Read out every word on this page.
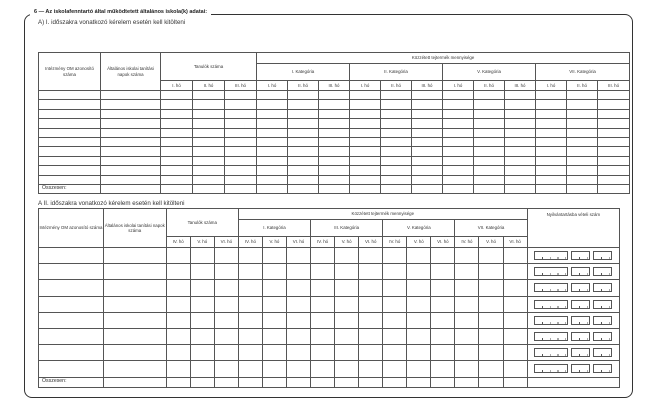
6 — Az iskolafenntartó által működtetett általános iskola(k) adatai:
A) I. időszakra vonatkozó kérelem esetén kell kitölteni
A II. időszakra vonatkozó kérelem esetén kell kitölteni
Intézmény OM azonosító száma	Általános iskolai tanítási napok száma	Tanulók száma			Közzétett tejtermék mennyisége											
					I. Kategória			II. Kategória			V. Kategória			VII. Kategória		
		I. hó	II. hó	III. hó	I. hó	II. hó	III. hó	I. hó	II. hó	III. hó	I. hó	II. hó	III. hó	I. hó	II. hó	III. hó

Összesen:																
Intézmény OM azonosító száma	Általános iskolai tanítási napok száma	Tanulók száma			Közzétett tejtermék mennyisége												Nyilvántartásba vételi szám
					I. Kategória			III. Kategória			V. Kategória			VII. Kategória			
		IV. hó	V. hó	VI. hó	IV. hó	V. hó	VI. hó	IV. hó	V. hó	VI. hó	IV. hó	V. hó	VI. hó	IV. hó	V. hó	VI. hó	

Összesen:																	
